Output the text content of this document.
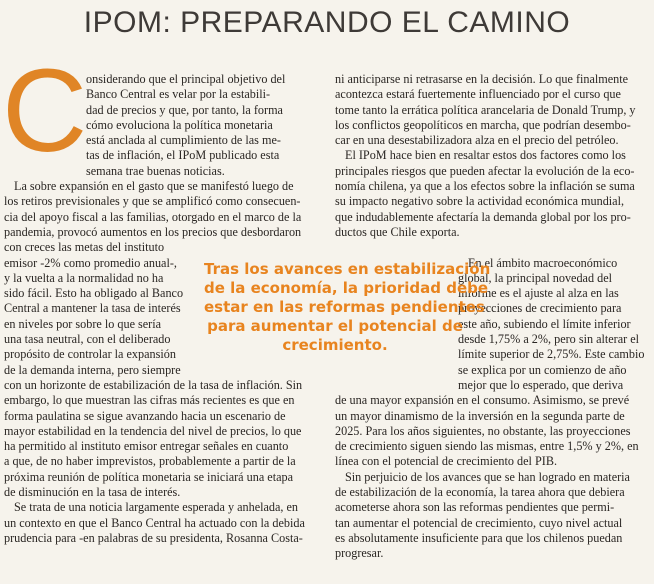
IPOM: PREPARANDO EL CAMINO
C
onsiderando que el principal objetivo del
Banco Central es velar por la estabili-
dad de precios y que, por tanto, la forma
cómo evoluciona la política monetaria
está anclada al cumplimiento de las me-
tas de inflación, el IPoM publicado esta
semana trae buenas noticias.
La sobre expansión en el gasto que se manifestó luego de
los retiros previsionales y que se amplificó como consecuen-
cia del apoyo fiscal a las familias, otorgado en el marco de la
pandemia, provocó aumentos en los precios que desbordaron
con creces las metas del instituto
emisor -2% como promedio anual-,
y la vuelta a la normalidad no ha
sido fácil. Esto ha obligado al Banco
Central a mantener la tasa de interés
en niveles por sobre lo que sería
una tasa neutral, con el deliberado
propósito de controlar la expansión
de la demanda interna, pero siempre
con un horizonte de estabilización de la tasa de inflación. Sin
embargo, lo que muestran las cifras más recientes es que en
forma paulatina se sigue avanzando hacia un escenario de
mayor estabilidad en la tendencia del nivel de precios, lo que
ha permitido al instituto emisor entregar señales en cuanto
a que, de no haber imprevistos, probablemente a partir de la
próxima reunión de política monetaria se iniciará una etapa
de disminución en la tasa de interés.
Se trata de una noticia largamente esperada y anhelada, en
un contexto en que el Banco Central ha actuado con la debida
prudencia para -en palabras de su presidenta, Rosanna Costa-
ni anticiparse ni retrasarse en la decisión. Lo que finalmente
acontezca estará fuertemente influenciado por el curso que
tome tanto la errática política arancelaria de Donald Trump, y
los conflictos geopolíticos en marcha, que podrían desembo-
car en una desestabilizadora alza en el precio del petróleo.
El IPoM hace bien en resaltar estos dos factores como los
principales riesgos que pueden afectar la evolución de la eco-
nomía chilena, ya que a los efectos sobre la inflación se suma
su impacto negativo sobre la actividad económica mundial,
que indudablemente afectaría la demanda global por los pro-
ductos que Chile exporta.
En el ámbito macroeconómico
global, la principal novedad del
informe es el ajuste al alza en las
proyecciones de crecimiento para
este año, subiendo el límite inferior
desde 1,75% a 2%, pero sin alterar el
límite superior de 2,75%. Este cambio
se explica por un comienzo de año
mejor que lo esperado, que deriva
de una mayor expansión en el consumo. Asimismo, se prevé
un mayor dinamismo de la inversión en la segunda parte de
2025. Para los años siguientes, no obstante, las proyecciones
de crecimiento siguen siendo las mismas, entre 1,5% y 2%, en
línea con el potencial de crecimiento del PIB.
Sin perjuicio de los avances que se han logrado en materia
de estabilización de la economía, la tarea ahora que debiera
acometerse ahora son las reformas pendientes que permi-
tan aumentar el potencial de crecimiento, cuyo nivel actual
es absolutamente insuficiente para que los chilenos puedan
progresar.
Tras los avances en estabilización
de la economía, la prioridad debe
estar en las reformas pendientes
para aumentar el potencial de
crecimiento.
